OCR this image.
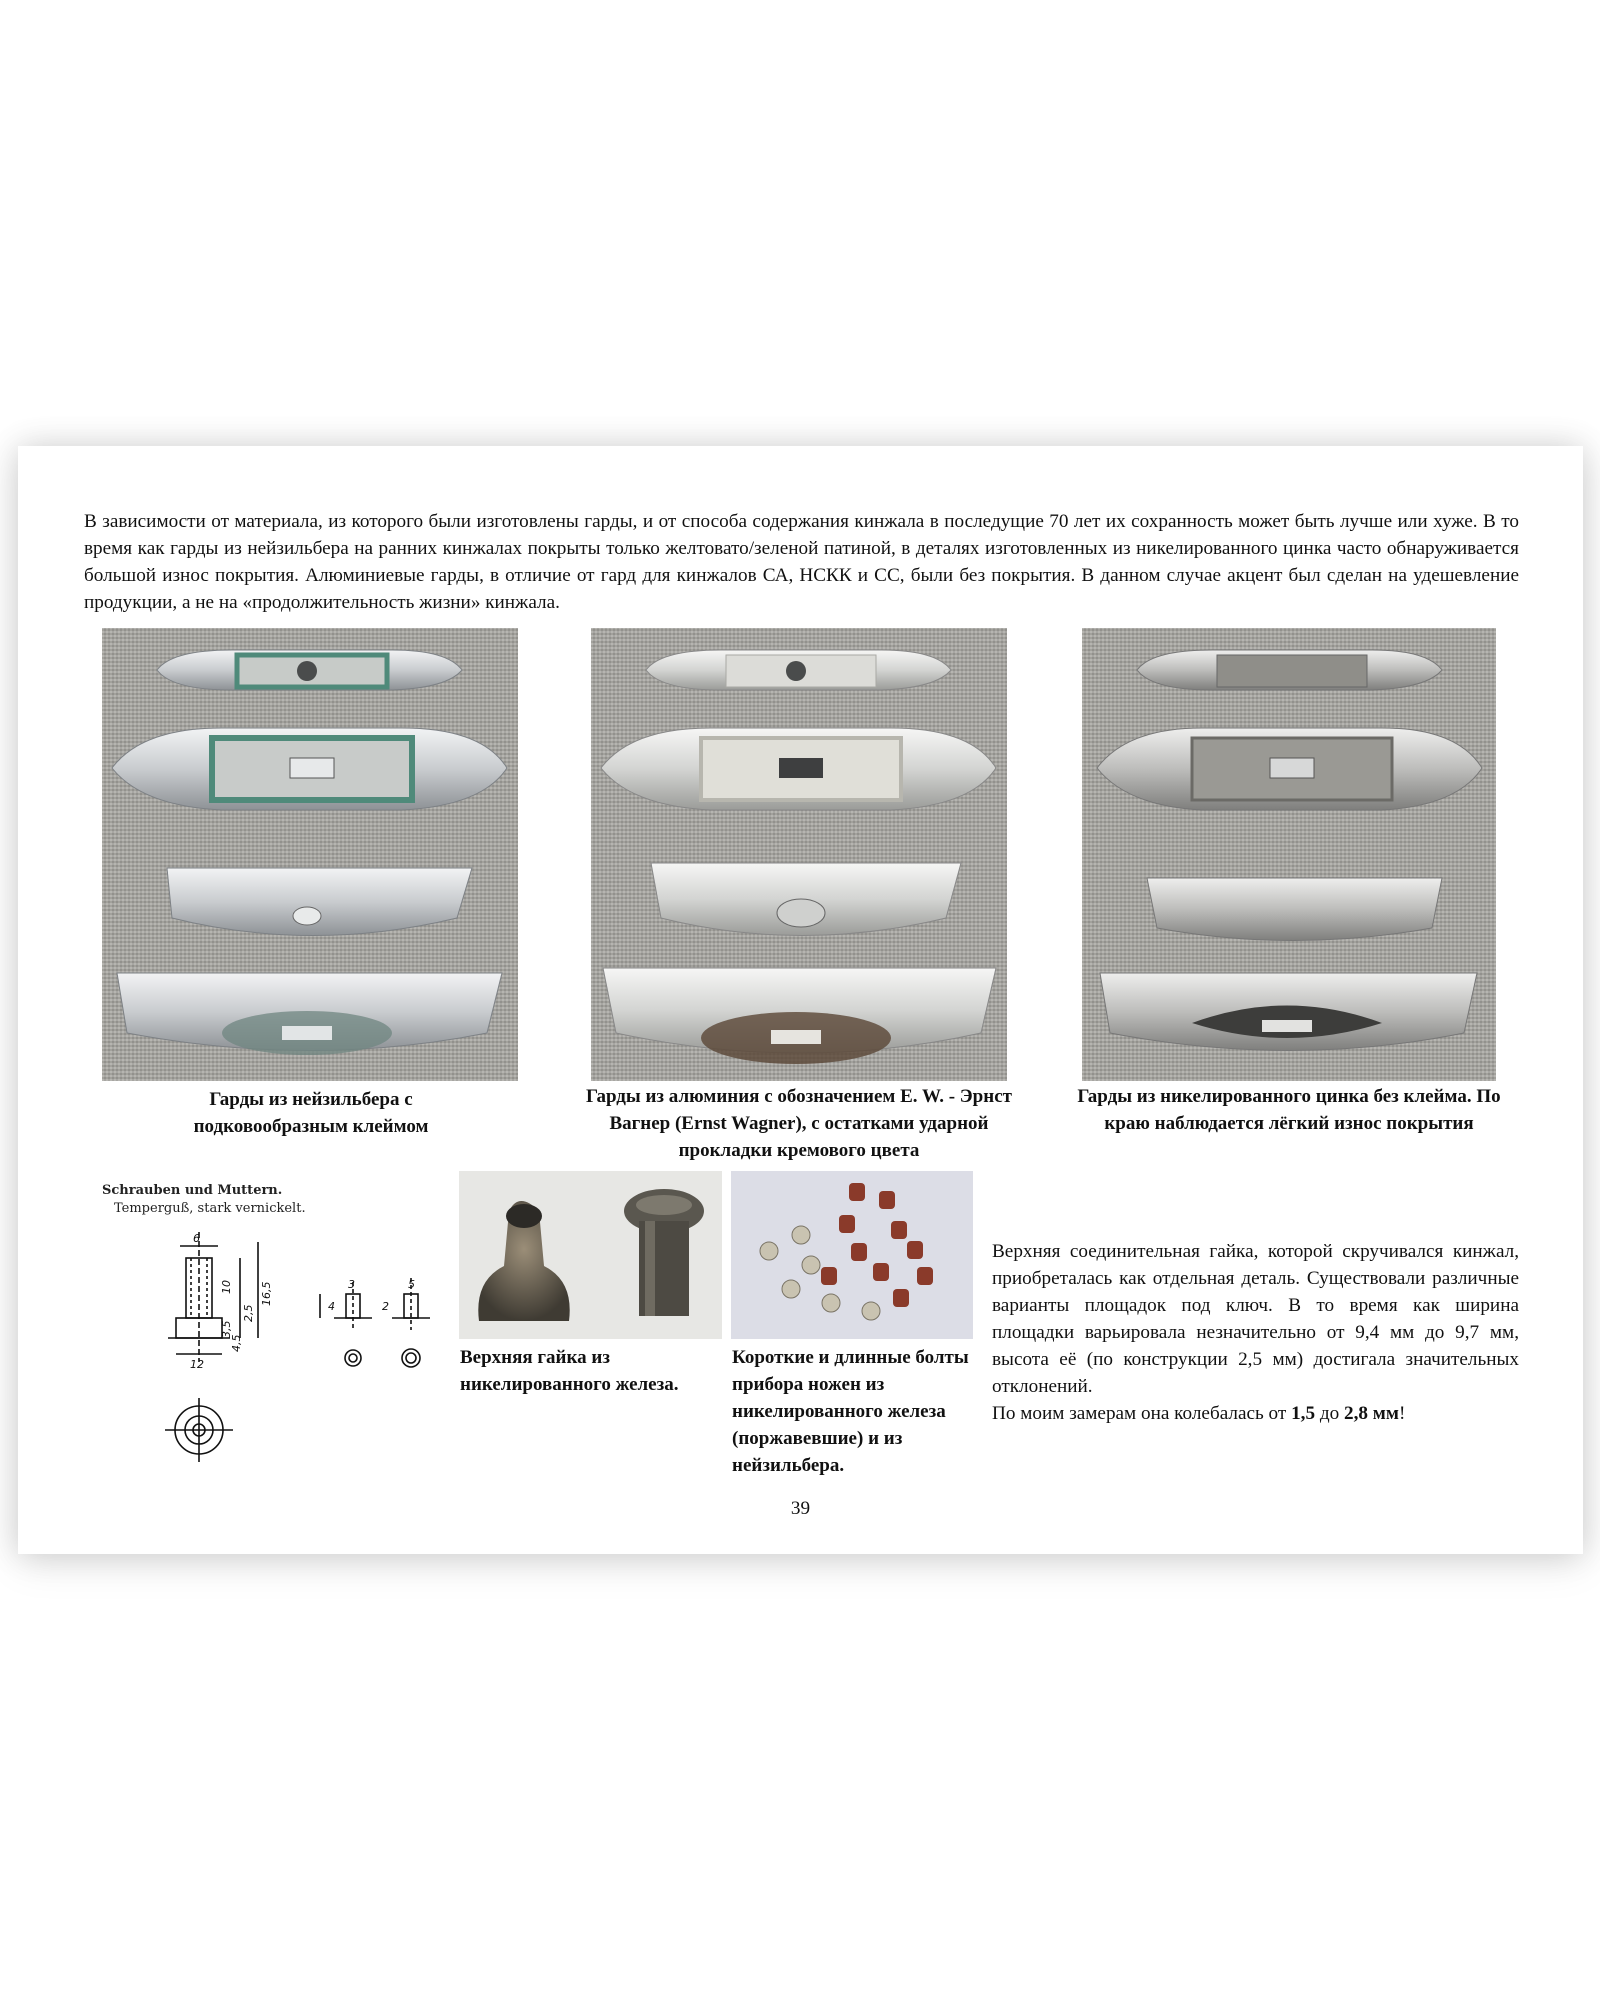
В зависимости от материала, из которого были изготовлены гарды, и от способа содержания кинжала в последущие 70 лет их сохранность может быть лучше или хуже. В то время как гарды из нейзильбера на ранних кинжалах покрыты только желтовато/зеленой патиной, в деталях изготовленных из никелированного цинка часто обнаруживается большой износ покрытия. Алюминиевые гарды, в отличие от гард для кинжалов СА, НСКК и СС, были без покрытия. В данном случае акцент был сделан на удешевление продукции, а не на «продолжительность жизни» кинжала.

Гарды из нейзильбера с подковообразным клеймом

Гарды из алюминия с обозначением E. W. - Эрнст Вагнер (Ernst Wagner), с остатками ударной прокладки кремового цвета

Гарды из никелированного цинка без клейма. По краю наблюдается лёгкий износ покрытия

Schrauben und Muttern.

Temperguß, stark vernickelt.

6
10 16,5
2,5
3,5
4,5
12
4
3	5
2

Верхняя гайка из никелированного железа.

Короткие и длинные болты прибора ножен из никелированного железа (поржавевшие) и из нейзильбера.

Верхняя соединительная гайка, которой скручивался кинжал, приобреталась как отдельная деталь. Существовали различные варианты площадок под ключ. В то время как ширина площадки варьировала незначительно от 9,4 мм до 9,7 мм, высота её (по конструкции 2,5 мм) достигала значительных отклонений.
По моим замерам она колебалась от 1,5 до 2,8 мм!

39
